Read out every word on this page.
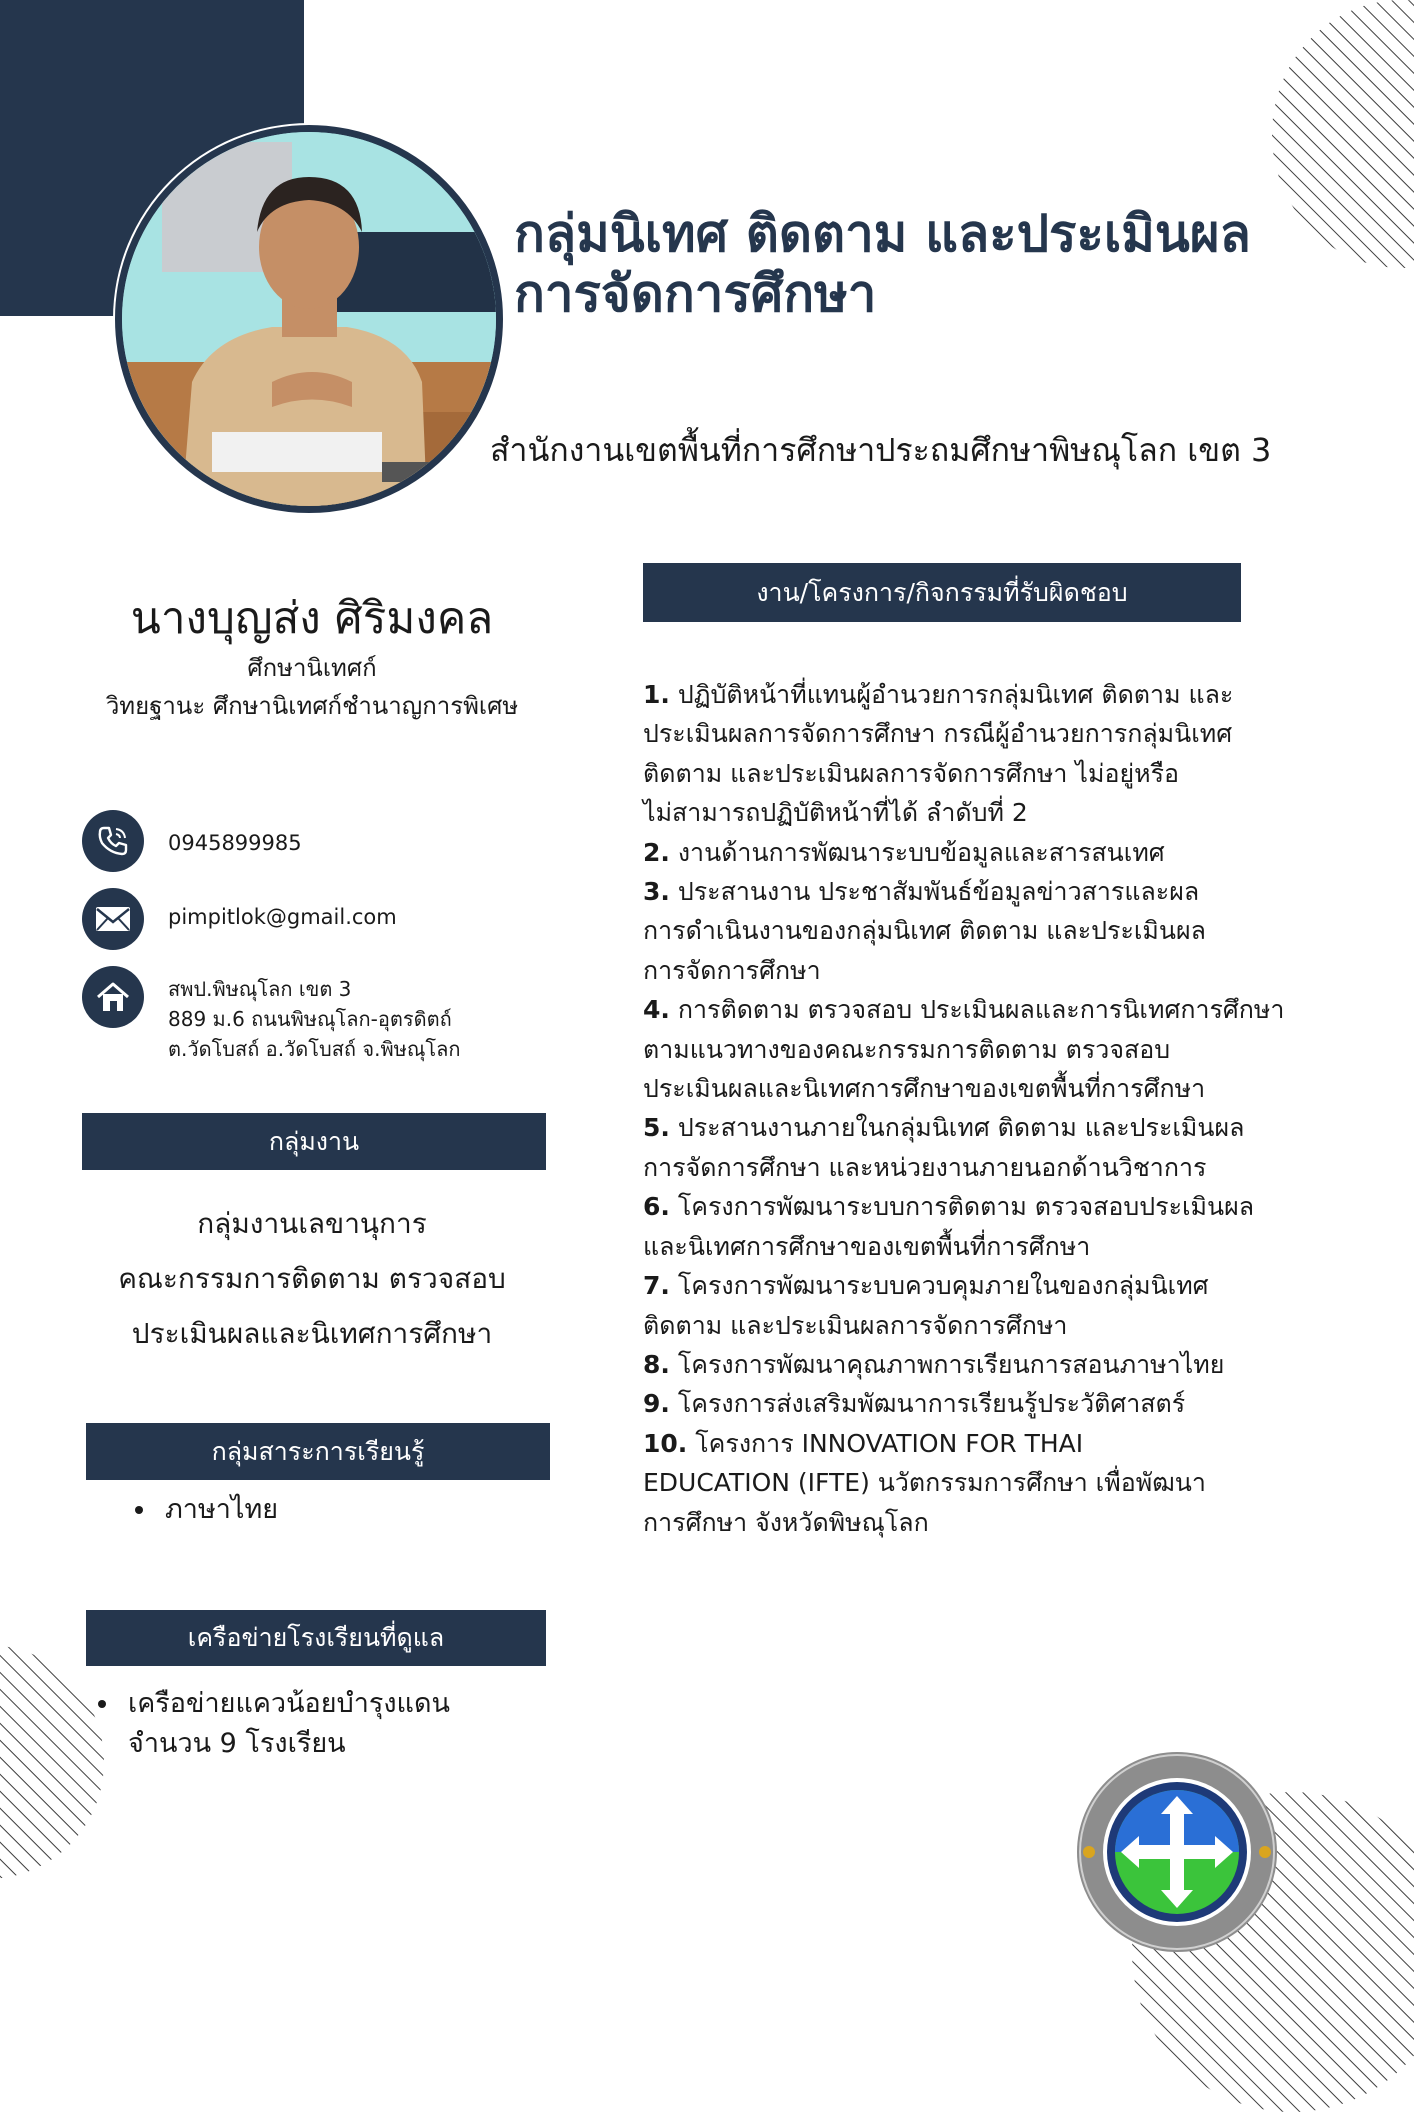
กลุ่มนิเทศ ติดตาม และประเมินผล
การจัดการศึกษา
สำนักงานเขตพื้นที่การศึกษาประถมศึกษาพิษณุโลก เขต 3
นางบุญส่ง ศิริมงคล
ศึกษานิเทศก์
วิทยฐานะ ศึกษานิเทศก์ชำนาญการพิเศษ
0945899985
pimpitlok@gmail.com
สพป.พิษณุโลก เขต 3
889 ม.6 ถนนพิษณุโลก-อุตรดิตถ์
ต.วัดโบสถ์ อ.วัดโบสถ์ จ.พิษณุโลก
กลุ่มงาน
กลุ่มงานเลขานุการ
คณะกรรมการติดตาม ตรวจสอบ
ประเมินผลและนิเทศการศึกษา
กลุ่มสาระการเรียนรู้
ภาษาไทย
เครือข่ายโรงเรียนที่ดูแล
เครือข่ายแควน้อยบำรุงแดน
จำนวน 9 โรงเรียน
งาน/โครงการ/กิจกรรมที่รับผิดชอบ
1. ปฏิบัติหน้าที่แทนผู้อำนวยการกลุ่มนิเทศ ติดตาม และ
ประเมินผลการจัดการศึกษา กรณีผู้อำนวยการกลุ่มนิเทศ
ติดตาม และประเมินผลการจัดการศึกษา ไม่อยู่หรือ
ไม่สามารถปฏิบัติหน้าที่ได้ ลำดับที่ 2
2. งานด้านการพัฒนาระบบข้อมูลและสารสนเทศ
3. ประสานงาน ประชาสัมพันธ์ข้อมูลข่าวสารและผล
การดำเนินงานของกลุ่มนิเทศ ติดตาม และประเมินผล
การจัดการศึกษา
4. การติดตาม ตรวจสอบ ประเมินผลและการนิเทศการศึกษา
ตามแนวทางของคณะกรรมการติดตาม ตรวจสอบ
ประเมินผลและนิเทศการศึกษาของเขตพื้นที่การศึกษา
5. ประสานงานภายในกลุ่มนิเทศ ติดตาม และประเมินผล
การจัดการศึกษา และหน่วยงานภายนอกด้านวิชาการ
6. โครงการพัฒนาระบบการติดตาม ตรวจสอบประเมินผล
และนิเทศการศึกษาของเขตพื้นที่การศึกษา
7. โครงการพัฒนาระบบควบคุมภายในของกลุ่มนิเทศ
ติดตาม และประเมินผลการจัดการศึกษา
8. โครงการพัฒนาคุณภาพการเรียนการสอนภาษาไทย
9. โครงการส่งเสริมพัฒนาการเรียนรู้ประวัติศาสตร์
10. โครงการ INNOVATION FOR THAI
EDUCATION (IFTE) นวัตกรรมการศึกษา เพื่อพัฒนา
การศึกษา จังหวัดพิษณุโลก
